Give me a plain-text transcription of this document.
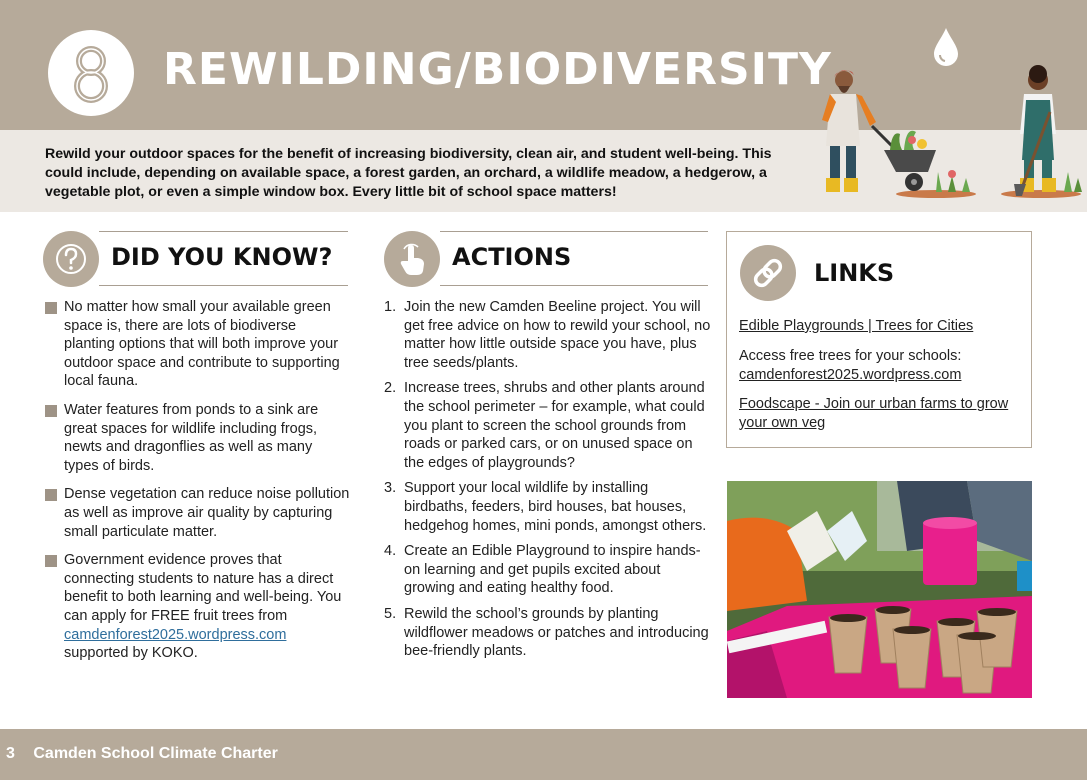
REWILDING/BIODIVERSITY
Rewild your outdoor spaces for the benefit of increasing biodiversity, clean air, and student well-being. This could include, depending on available space, a forest garden, an orchard, a wildlife meadow, a hedgerow, a vegetable plot, or even a simple window box. Every little bit of school space matters!
DID YOU KNOW?
No matter how small your available green space is, there are lots of biodiverse planting options that will both improve your outdoor space and contribute to supporting local fauna.
Water features from ponds to a sink are great spaces for wildlife including frogs, newts and dragonflies as well as many types of birds.
Dense vegetation can reduce noise pollution as well as improve air quality by capturing small particulate matter.
Government evidence proves that connecting students to nature has a direct benefit to both learning and well-being. You can apply for FREE fruit trees from camdenforest2025.wordpress.com supported by KOKO.
ACTIONS
1. Join the new Camden Beeline project. You will get free advice on how to rewild your school, no matter how little outside space you have, plus tree seeds/plants.
2. Increase trees, shrubs and other plants around the school perimeter – for example, what could you plant to screen the school grounds from roads or parked cars, or on unused space on the edges of playgrounds?
3. Support your local wildlife by installing birdbaths, feeders, bird houses, bat houses, hedgehog homes, mini ponds, amongst others.
4. Create an Edible Playground to inspire hands-on learning and get pupils excited about growing and eating healthy food.
5. Rewild the school’s grounds by planting wildflower meadows or patches and introducing bee-friendly plants.
LINKS
Edible Playgrounds | Trees for Cities
Access free trees for your schools:
camdenforest2025.wordpress.com
Foodscape - Join our urban farms to grow your own veg
3 Camden School Climate Charter
